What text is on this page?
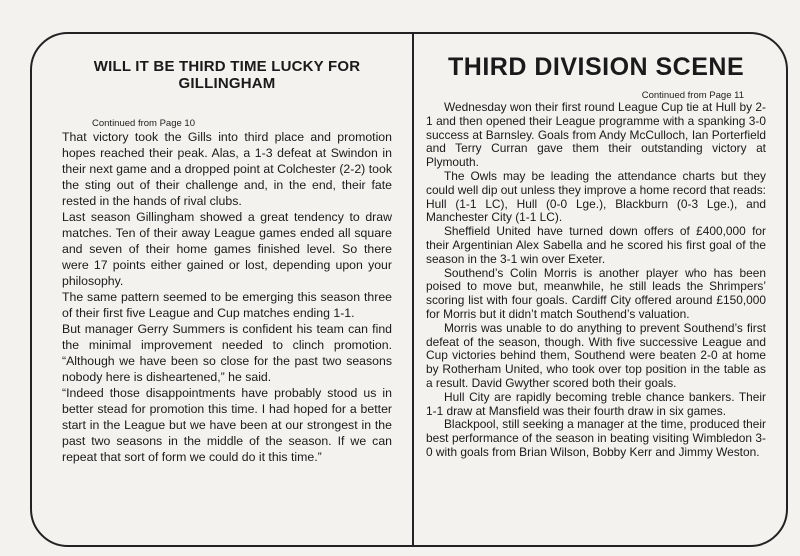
WILL IT BE THIRD TIME LUCKY FOR GILLINGHAM

Continued from Page 10

That victory took the Gills into third place and promotion hopes reached their peak. Alas, a 1-3 defeat at Swindon in their next game and a dropped point at Colchester (2-2) took the sting out of their challenge and, in the end, their fate rested in the hands of rival clubs.

Last season Gillingham showed a great tendency to draw matches. Ten of their away League games ended all square and seven of their home games finished level. So there were 17 points either gained or lost, depending upon your philosophy.

The same pattern seemed to be emerging this season three of their first five League and Cup matches ending 1-1.

But manager Gerry Summers is confident his team can find the minimal improvement needed to clinch promotion. “Although we have been so close for the past two seasons nobody here is disheartened,” he said.

“Indeed those disappointments have probably stood us in better stead for promotion this time. I had hoped for a better start in the League but we have been at our strongest in the past two seasons in the middle of the season. If we can repeat that sort of form we could do it this time.”

THIRD DIVISION SCENE

Continued from Page 11

Wednesday won their first round League Cup tie at Hull by 2-1 and then opened their League programme with a spanking 3-0 success at Barnsley. Goals from Andy McCulloch, Ian Porterfield and Terry Curran gave them their outstanding victory at Plymouth.

The Owls may be leading the attendance charts but they could well dip out unless they improve a home record that reads: Hull (1-1 LC), Hull (0-0 Lge.), Blackburn (0-3 Lge.), and Manchester City (1-1 LC).

Sheffield United have turned down offers of £400,000 for their Argentinian Alex Sabella and he scored his first goal of the season in the 3-1 win over Exeter.

Southend’s Colin Morris is another player who has been poised to move but, meanwhile, he still leads the Shrimpers’ scoring list with four goals. Cardiff City offered around £150,000 for Morris but it didn’t match Southend’s valuation.

Morris was unable to do anything to prevent Southend’s first defeat of the season, though. With five successive League and Cup victories behind them, Southend were beaten 2-0 at home by Rotherham United, who took over top position in the table as a result. David Gwyther scored both their goals.

Hull City are rapidly becoming treble chance bankers. Their 1-1 draw at Mansfield was their fourth draw in six games.

Blackpool, still seeking a manager at the time, produced their best performance of the season in beating visiting Wimbledon 3-0 with goals from Brian Wilson, Bobby Kerr and Jimmy Weston.
